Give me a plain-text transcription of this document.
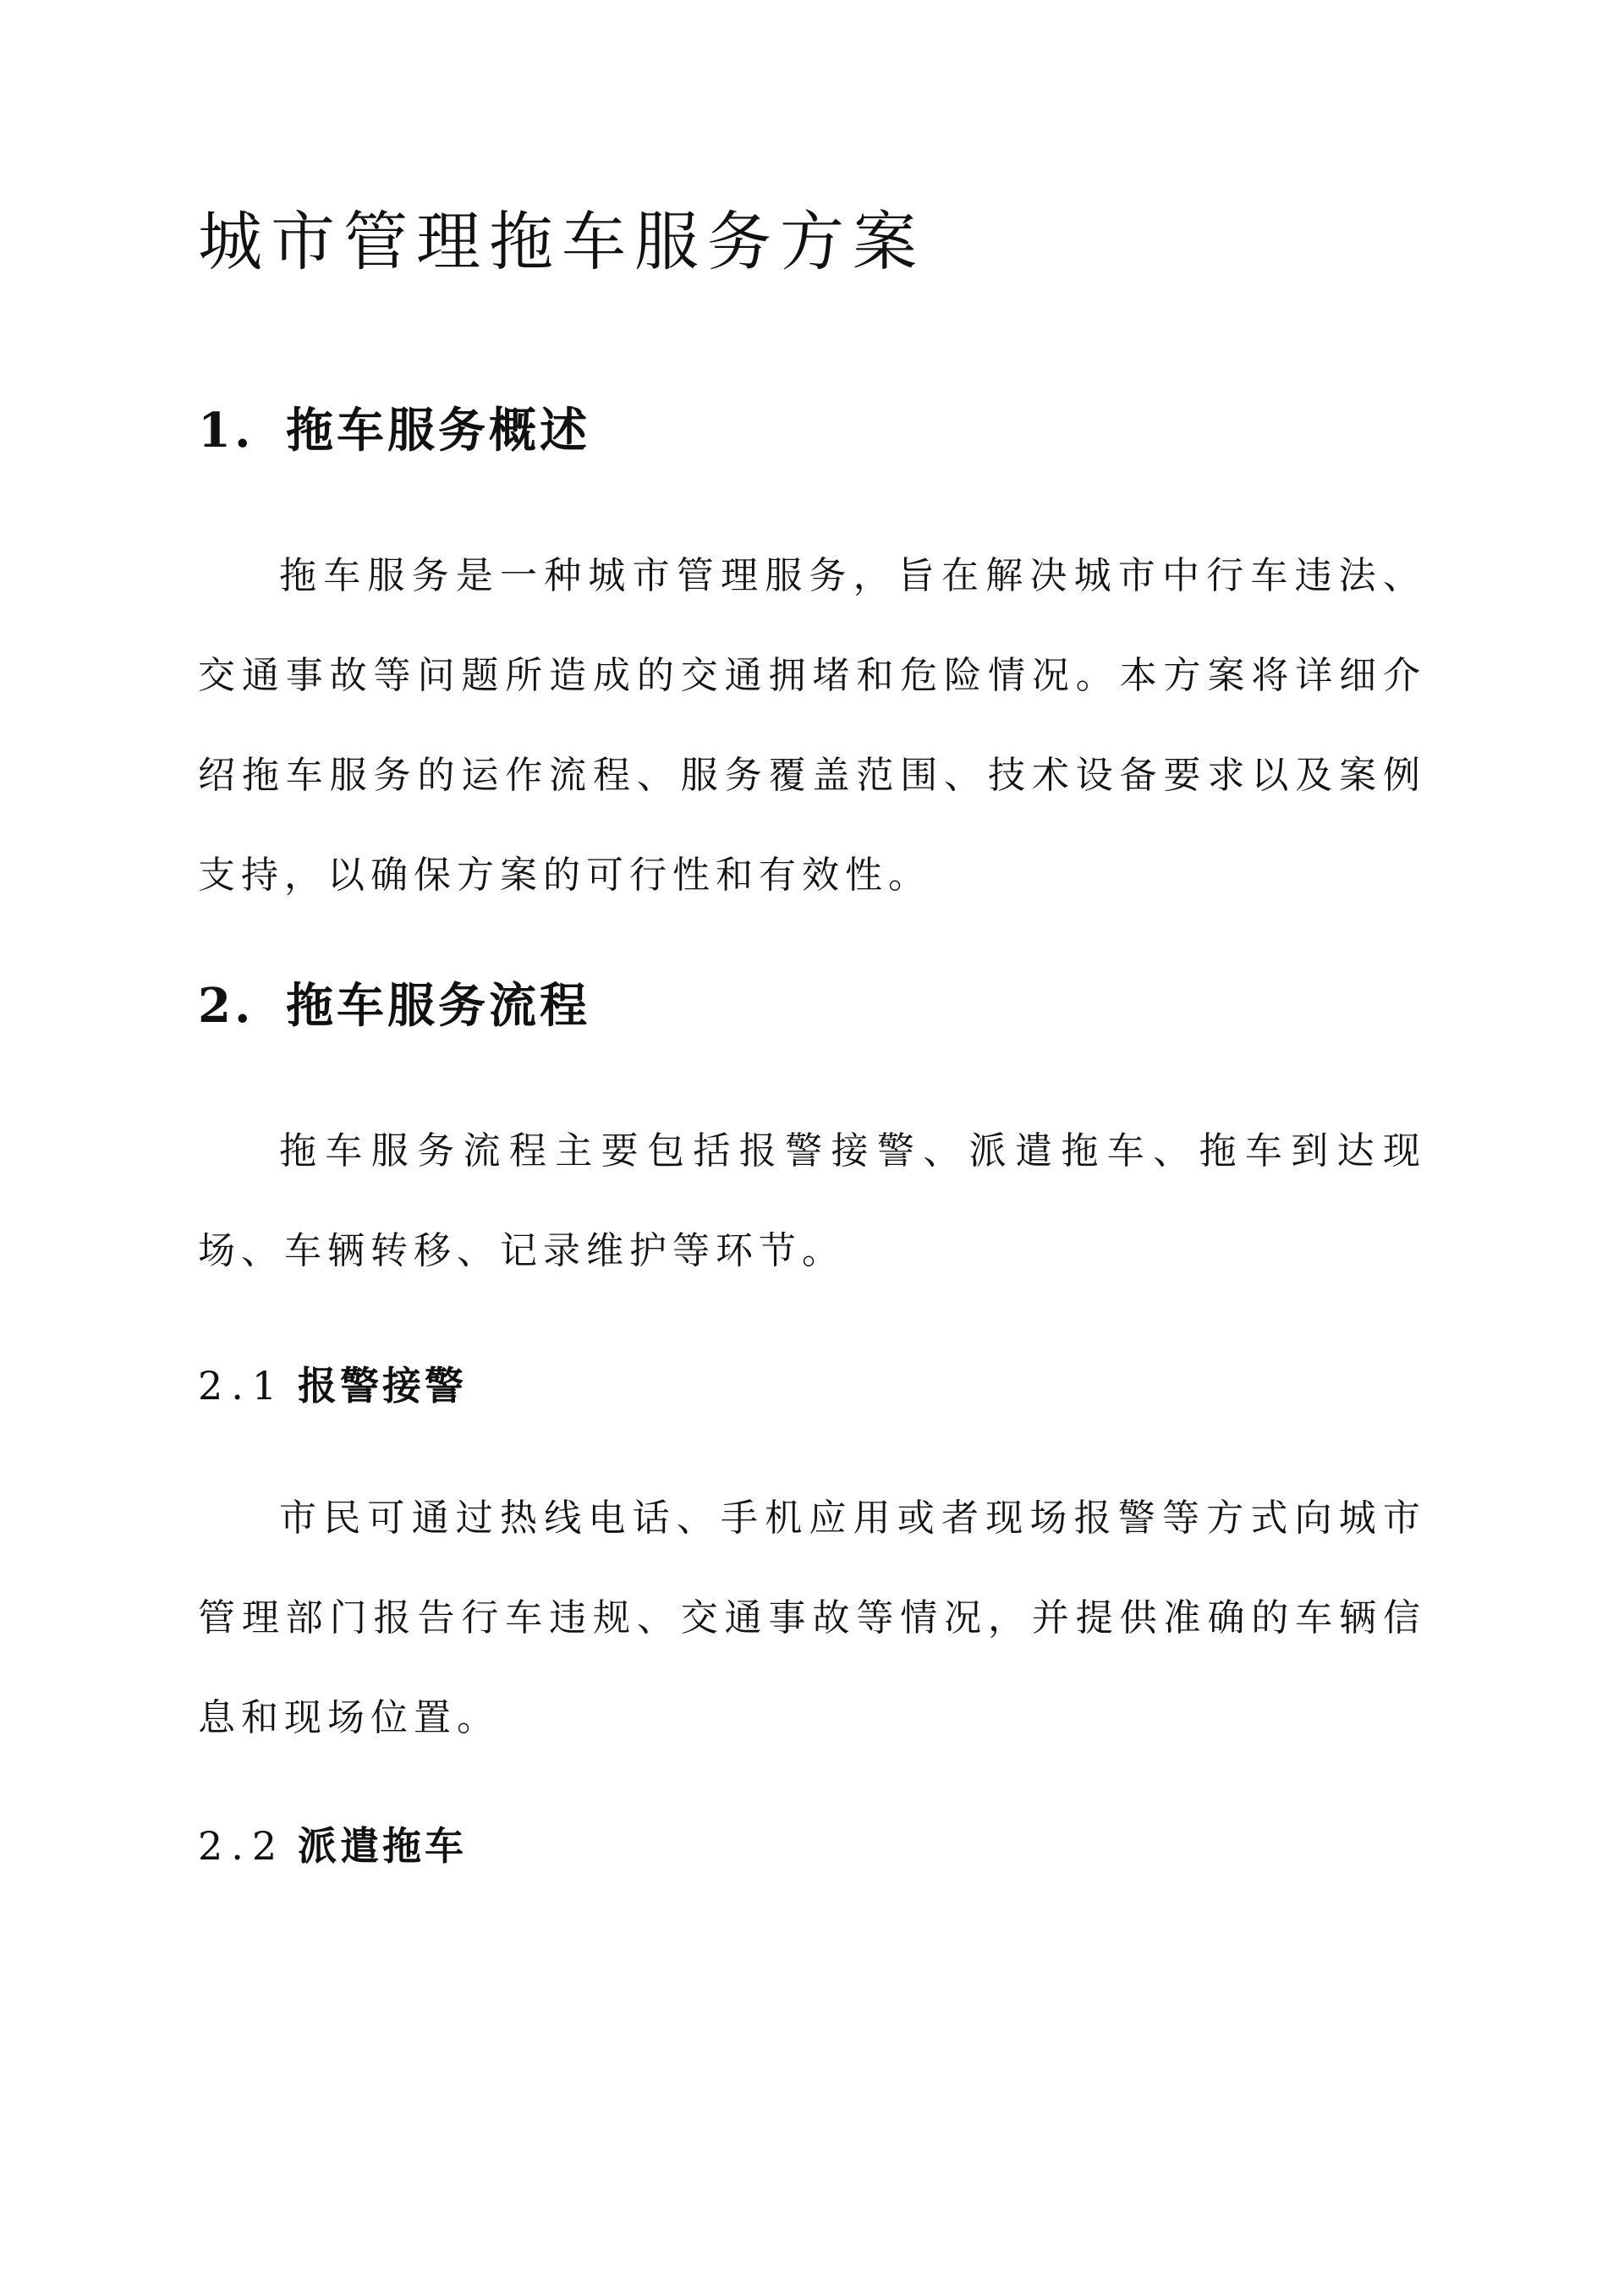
城市管理拖车服务方案
1. 拖车服务概述

拖车服务是一种城市管理服务，旨在解决城市中行车违法、交通事故等问题所造成的交通拥堵和危险情况。本方案将详细介绍拖车服务的运作流程、服务覆盖范围、技术设备要求以及案例支持，以确保方案的可行性和有效性。

2. 拖车服务流程

拖车服务流程主要包括报警接警、派遣拖车、拖车到达现场、车辆转移、记录维护等环节。

2.1 报警接警

市民可通过热线电话、手机应用或者现场报警等方式向城市管理部门报告行车违规、交通事故等情况，并提供准确的车辆信息和现场位置。

2.2 派遣拖车
